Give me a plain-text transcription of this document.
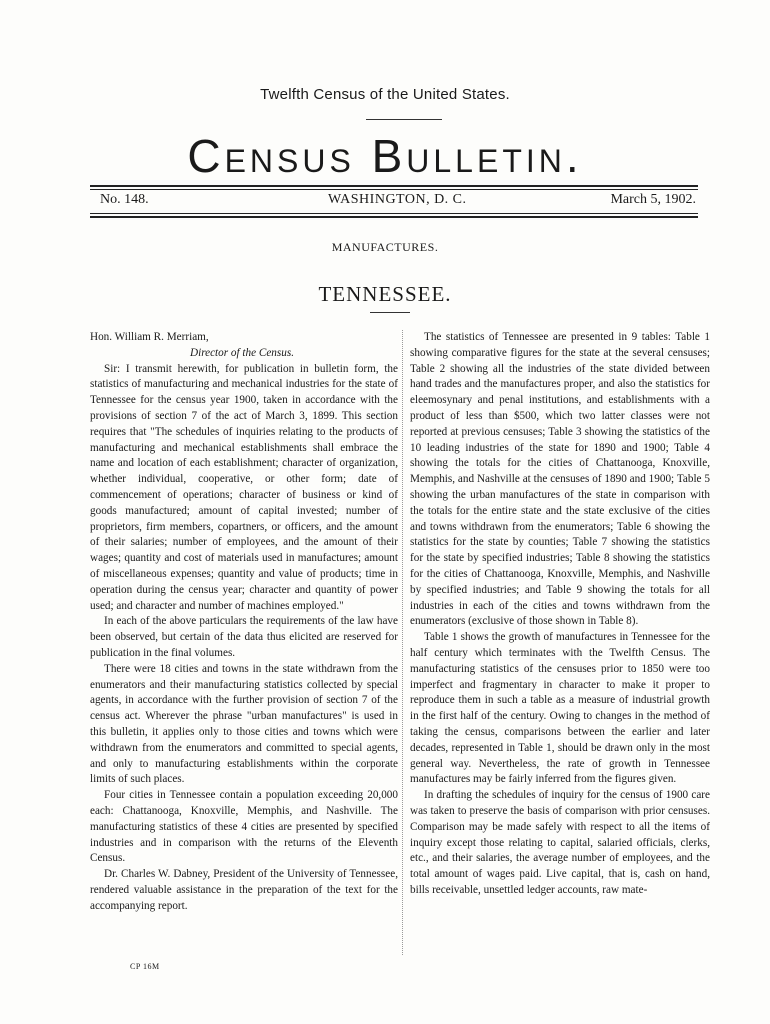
Twelfth Census of the United States.
Census Bulletin.
No. 148.	WASHINGTON, D. C.	March 5, 1902.
MANUFACTURES.
TENNESSEE.

Hon. William R. Merriam,

Director of the Census.

Sir: I transmit herewith, for publication in bulletin form, the statistics of manufacturing and mechanical industries for the state of Tennessee for the census year 1900, taken in accordance with the provisions of section 7 of the act of March 3, 1899. This section requires that "The schedules of inquiries relating to the products of manufacturing and mechanical establishments shall embrace the name and location of each establishment; character of organization, whether individual, cooperative, or other form; date of commencement of operations; character of business or kind of goods manufactured; amount of capital invested; number of proprietors, firm members, copartners, or officers, and the amount of their salaries; number of employees, and the amount of their wages; quantity and cost of materials used in manufactures; amount of miscellaneous expenses; quantity and value of products; time in operation during the census year; character and quantity of power used; and character and number of machines employed."

In each of the above particulars the requirements of the law have been observed, but certain of the data thus elicited are reserved for publication in the final volumes.

There were 18 cities and towns in the state withdrawn from the enumerators and their manufacturing statistics collected by special agents, in accordance with the further provision of section 7 of the census act. Wherever the phrase "urban manufactures" is used in this bulletin, it applies only to those cities and towns which were withdrawn from the enumerators and committed to special agents, and only to manufacturing establishments within the corporate limits of such places.

Four cities in Tennessee contain a population exceeding 20,000 each: Chattanooga, Knoxville, Memphis, and Nashville. The manufacturing statistics of these 4 cities are presented by specified industries and in comparison with the returns of the Eleventh Census.

Dr. Charles W. Dabney, President of the University of Tennessee, rendered valuable assistance in the preparation of the text for the accompanying report.

The statistics of Tennessee are presented in 9 tables: Table 1 showing comparative figures for the state at the several censuses; Table 2 showing all the industries of the state divided between hand trades and the manufactures proper, and also the statistics for eleemosynary and penal institutions, and establishments with a product of less than $500, which two latter classes were not reported at previous censuses; Table 3 showing the statistics of the 10 leading industries of the state for 1890 and 1900; Table 4 showing the totals for the cities of Chattanooga, Knoxville, Memphis, and Nashville at the censuses of 1890 and 1900; Table 5 showing the urban manufactures of the state in comparison with the totals for the entire state and the state exclusive of the cities and towns withdrawn from the enumerators; Table 6 showing the statistics for the state by counties; Table 7 showing the statistics for the state by specified industries; Table 8 showing the statistics for the cities of Chattanooga, Knoxville, Memphis, and Nashville by specified industries; and Table 9 showing the totals for all industries in each of the cities and towns withdrawn from the enumerators (exclusive of those shown in Table 8).

Table 1 shows the growth of manufactures in Tennessee for the half century which terminates with the Twelfth Census. The manufacturing statistics of the censuses prior to 1850 were too imperfect and fragmentary in character to make it proper to reproduce them in such a table as a measure of industrial growth in the first half of the century. Owing to changes in the method of taking the census, comparisons between the earlier and later decades, represented in Table 1, should be drawn only in the most general way. Nevertheless, the rate of growth in Tennessee manufactures may be fairly inferred from the figures given.

In drafting the schedules of inquiry for the census of 1900 care was taken to preserve the basis of comparison with prior censuses. Comparison may be made safely with respect to all the items of inquiry except those relating to capital, salaried officials, clerks, etc., and their salaries, the average number of employees, and the total amount of wages paid. Live capital, that is, cash on hand, bills receivable, unsettled ledger accounts, raw mate-

CP 16M
